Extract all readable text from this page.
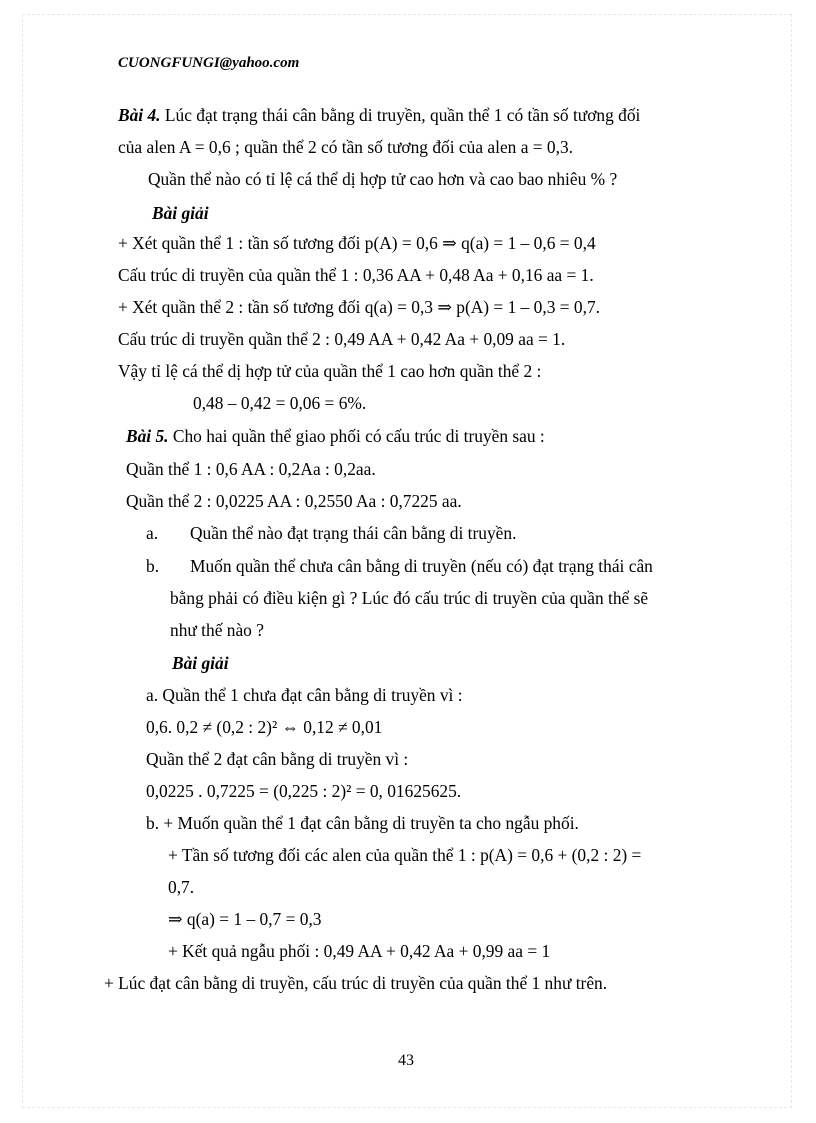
CUONGFUNGI@yahoo.com
Bài 4. Lúc đạt trạng thái cân bằng di truyền, quần thể 1 có tần số tương đối
của alen A = 0,6 ; quần thể 2 có tần số tương đối của alen a = 0,3.
Quần thể nào có tỉ lệ cá thể dị hợp tử cao hơn và cao bao nhiêu % ?
Bài giải
+ Xét quần thể 1 : tần số tương đối p(A) = 0,6 ⇒ q(a) = 1 – 0,6 = 0,4
Cấu trúc di truyền của quần thể 1 : 0,36 AA + 0,48 Aa + 0,16 aa = 1.
+ Xét quần thể 2 : tần số tương đối q(a) = 0,3 ⇒ p(A) = 1 – 0,3 = 0,7.
Cấu trúc di truyền quần thể 2 : 0,49 AA + 0,42 Aa + 0,09 aa = 1.
Vậy tỉ lệ cá thể dị hợp tử của quần thể 1 cao hơn quần thể 2 :
0,48 – 0,42 = 0,06 = 6%.
Bài 5. Cho hai quần thể giao phối có cấu trúc di truyền sau :
Quần thể 1 : 0,6 AA : 0,2Aa : 0,2aa.
Quần thể 2 : 0,0225 AA : 0,2550 Aa : 0,7225 aa.
a. Quần thể nào đạt trạng thái cân bằng di truyền.
b. Muốn quần thể chưa cân bằng di truyền (nếu có) đạt trạng thái cân
bằng phải có điều kiện gì ? Lúc đó cấu trúc di truyền của quần thể sẽ
như thế nào ?
Bài giải
a. Quần thể 1 chưa đạt cân bằng di truyền vì :
0,6. 0,2 ≠ (0,2 : 2)² ⇔ 0,12 ≠ 0,01
Quần thể 2 đạt cân bằng di truyền vì :
0,0225 . 0,7225 = (0,225 : 2)² = 0, 01625625.
b. + Muốn quần thể 1 đạt cân bằng di truyền ta cho ngẫu phối.
+ Tần số tương đối các alen của quần thể 1 : p(A) = 0,6 + (0,2 : 2) =
0,7.
⇒ q(a) = 1 – 0,7 = 0,3
+ Kết quả ngẫu phối : 0,49 AA + 0,42 Aa + 0,99 aa = 1
+ Lúc đạt cân bằng di truyền, cấu trúc di truyền của quần thể 1 như trên.
43
